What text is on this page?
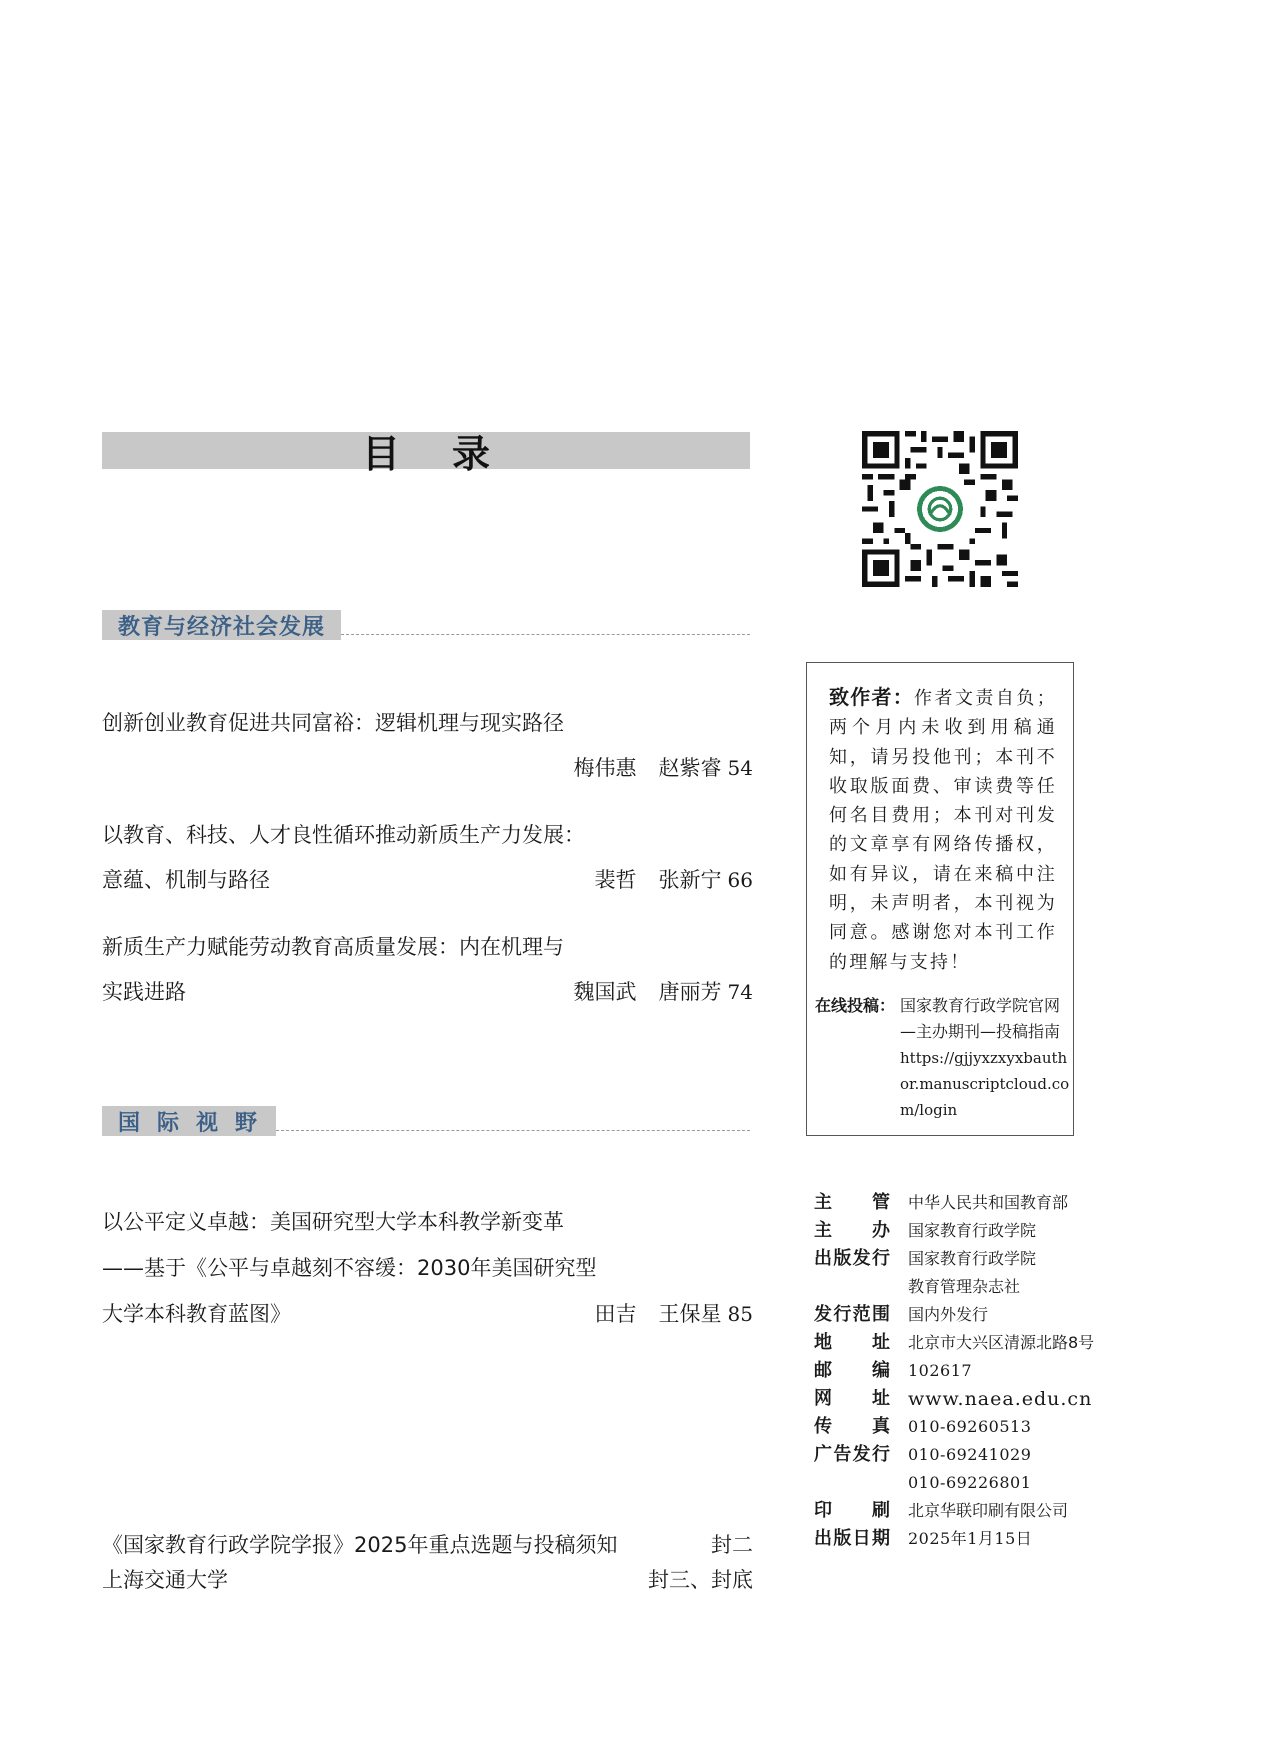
目录
教育与经济社会发展
创新创业教育促进共同富裕：逻辑机理与现实路径
梅伟惠 赵紫睿 54
以教育、科技、人才良性循环推动新质生产力发展：
意蕴、机制与路径	裴哲 张新宁 66
新质生产力赋能劳动教育高质量发展：内在机理与
实践进路	魏国武 唐丽芳 74
国际视野
以公平定义卓越：美国研究型大学本科教学新变革
——基于《公平与卓越刻不容缓：2030年美国研究型
大学本科教育蓝图》	田吉 王保星 85
《国家教育行政学院学报》2025年重点选题与投稿须知	封二
上海交通大学	封三、封底
致作者：作者文责自负；两个月内未收到用稿通知，请另投他刊；本刊不收取版面费、审读费等任何名目费用；本刊对刊发的文章享有网络传播权，如有异议，请在来稿中注明，未声明者，本刊视为同意。感谢您对本刊工作的理解与支持！
在线投稿： 国家教育行政学院官网—主办期刊—投稿指南
https://gjjyxzxyxbauthor.manuscriptcloud.com/login
主 管 中华人民共和国教育部
主 办 国家教育行政学院
出 版 发 行 国家教育行政学院
教育管理杂志社
发 行 范 围 国内外发行
地 址 北京市大兴区清源北路8号
邮 编 102617
网 址 www.naea.edu.cn
传 真 010-69260513
广 告 发 行 010-69241029
010-69226801
印 刷 北京华联印刷有限公司
出 版 日 期 2025年1月15日
